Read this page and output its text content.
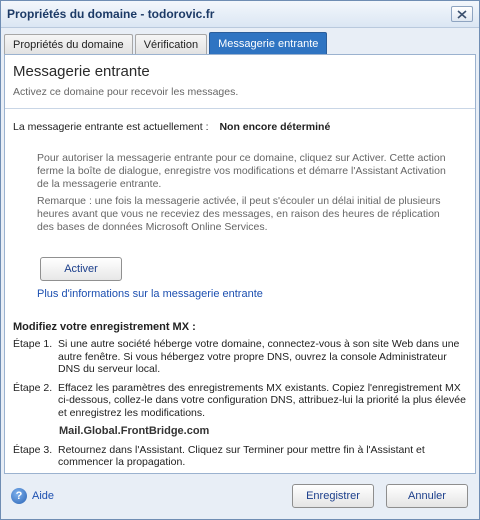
Propriétés du domaine - todorovic.fr
Propriétés du domaine	Vérification	Messagerie entrante
Messagerie entrante
Activez ce domaine pour recevoir les messages.
La messagerie entrante est actuellement : Non encore déterminé

Pour autoriser la messagerie entrante pour ce domaine, cliquez sur Activer. Cette action ferme la boîte de dialogue, enregistre vos modifications et démarre l'Assistant Activation de la messagerie entrante.

Remarque : une fois la messagerie activée, il peut s'écouler un délai initial de plusieurs heures avant que vous ne receviez des messages, en raison des heures de réplication des bases de données Microsoft Online Services.

Activer
Plus d'informations sur la messagerie entrante
Modifiez votre enregistrement MX :
Étape 1. Si une autre société héberge votre domaine, connectez-vous à son site Web dans une autre fenêtre. Si vous hébergez votre propre DNS, ouvrez la console Administrateur DNS du serveur local.
Étape 2. Effacez les paramètres des enregistrements MX existants. Copiez l'enregistrement MX ci-dessous, collez-le dans votre configuration DNS, attribuez-lui la priorité la plus élevée et enregistrez les modifications.
Mail.Global.FrontBridge.com
Étape 3. Retournez dans l'Assistant. Cliquez sur Terminer pour mettre fin à l'Assistant et commencer la propagation.
? Aide	Enregistrer	Annuler
